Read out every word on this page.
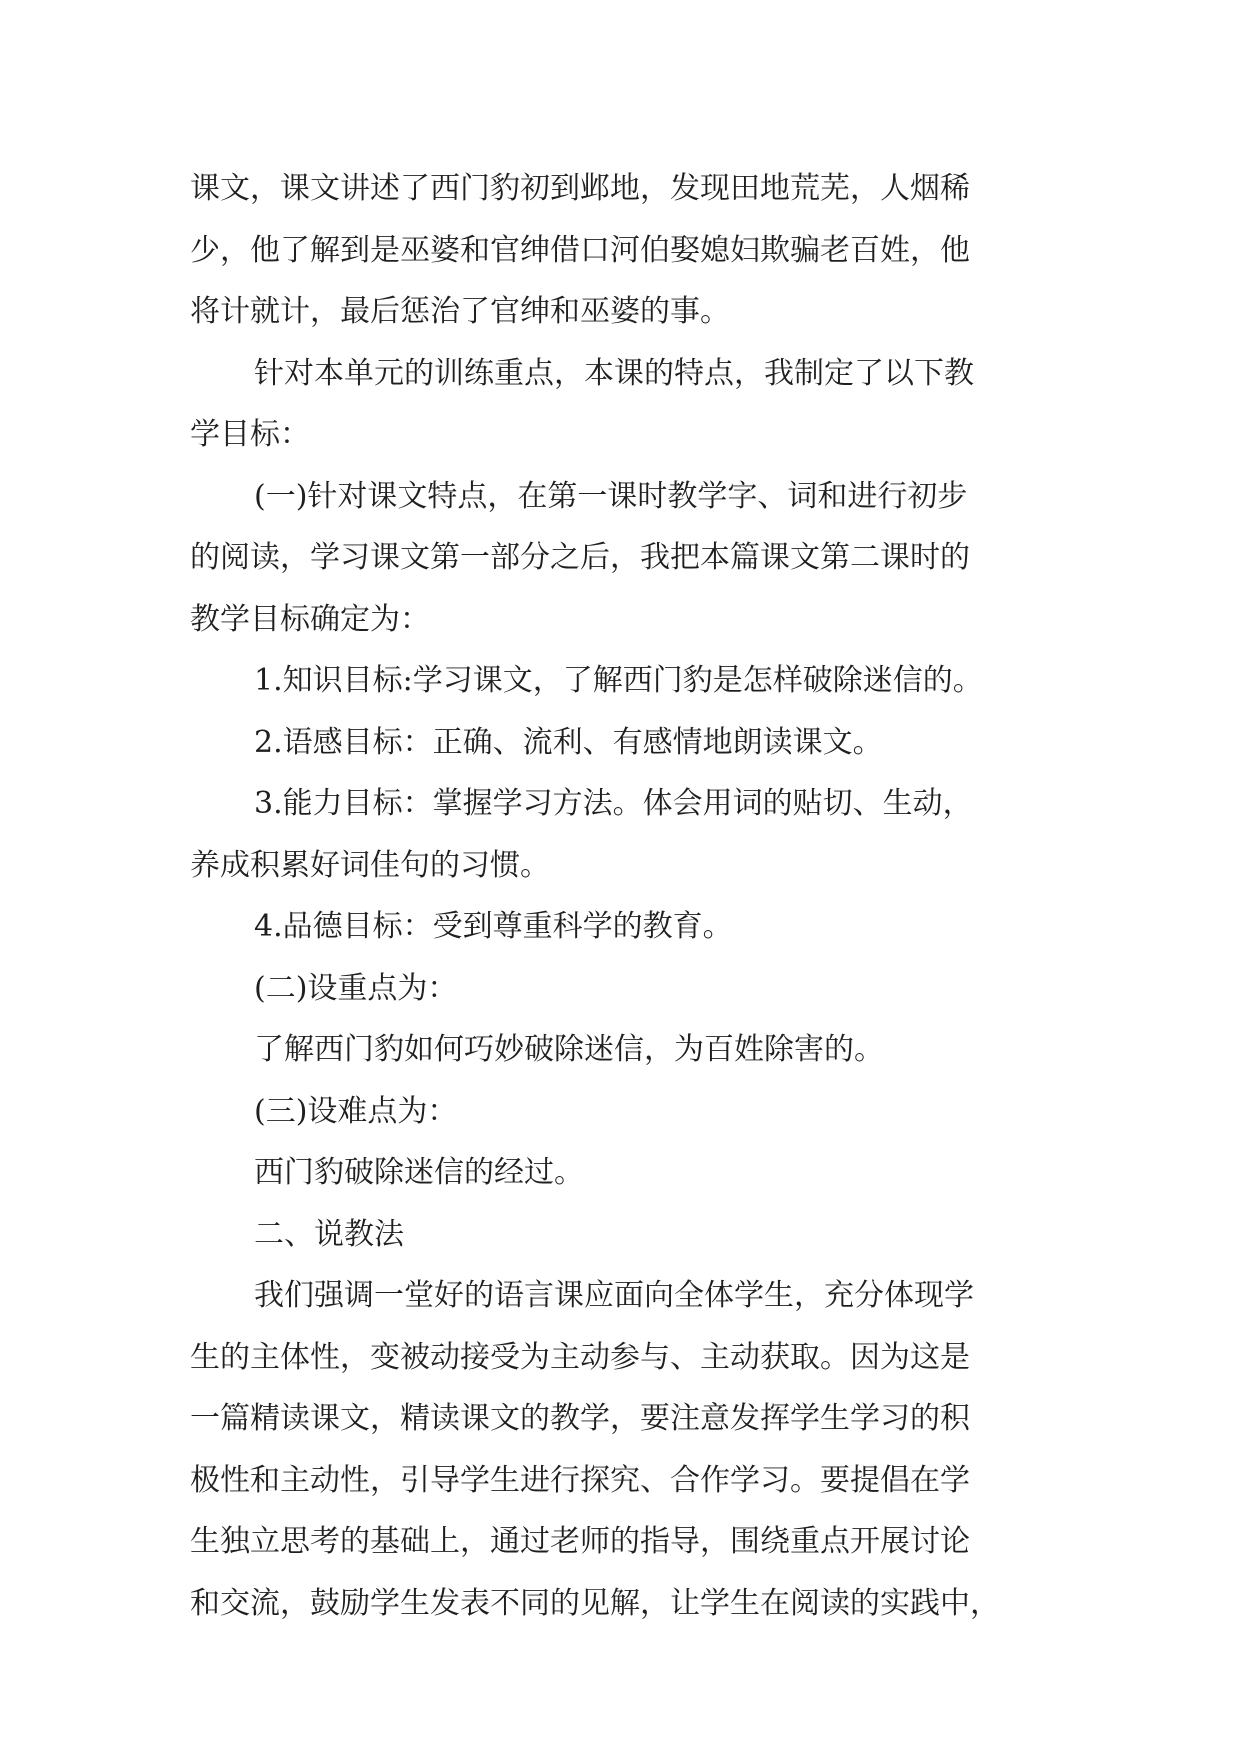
课文，课文讲述了西门豹初到邺地，发现田地荒芜，人烟稀
少，他了解到是巫婆和官绅借口河伯娶媳妇欺骗老百姓，他
将计就计，最后惩治了官绅和巫婆的事。
针对本单元的训练重点，本课的特点，我制定了以下教
学目标：
(一)针对课文特点，在第一课时教学字、词和进行初步
的阅读，学习课文第一部分之后，我把本篇课文第二课时的
教学目标确定为：
1.知识目标:学习课文，了解西门豹是怎样破除迷信的。
2.语感目标：正确、流利、有感情地朗读课文。
3.能力目标：掌握学习方法。体会用词的贴切、生动，
养成积累好词佳句的习惯。
4.品德目标：受到尊重科学的教育。
(二)设重点为：
了解西门豹如何巧妙破除迷信，为百姓除害的。
(三)设难点为：
西门豹破除迷信的经过。
二、说教法
我们强调一堂好的语言课应面向全体学生，充分体现学
生的主体性，变被动接受为主动参与、主动获取。因为这是
一篇精读课文，精读课文的教学，要注意发挥学生学习的积
极性和主动性，引导学生进行探究、合作学习。要提倡在学
生独立思考的基础上，通过老师的指导，围绕重点开展讨论
和交流，鼓励学生发表不同的见解，让学生在阅读的实践中，
